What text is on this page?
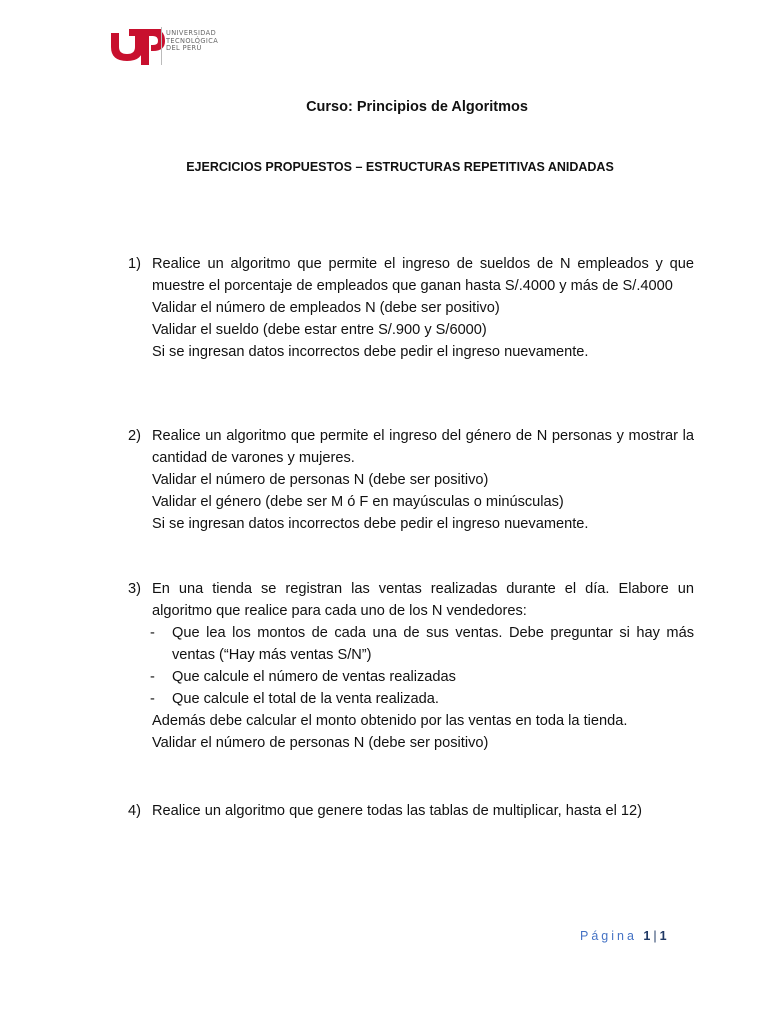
UNIVERSIDAD
TECNOLÓGICA
DEL PERÚ
Curso: Principios de Algoritmos
EJERCICIOS PROPUESTOS – ESTRUCTURAS REPETITIVAS ANIDADAS
1) Realice un algoritmo que permite el ingreso de sueldos de N empleados y que muestre el porcentaje de empleados que ganan hasta S/.4000 y más de S/.4000
Validar el número de empleados N (debe ser positivo)
Validar el sueldo (debe estar entre S/.900 y S/6000)
Si se ingresan datos incorrectos debe pedir el ingreso nuevamente.
2) Realice un algoritmo que permite el ingreso del género de N personas y mostrar la cantidad de varones y mujeres.
Validar el número de personas N (debe ser positivo)
Validar el género (debe ser M ó F en mayúsculas o minúsculas)
Si se ingresan datos incorrectos debe pedir el ingreso nuevamente.
3) En una tienda se registran las ventas realizadas durante el día. Elabore un algoritmo que realice para cada uno de los N vendedores:
-	Que lea los montos de cada una de sus ventas. Debe preguntar si hay más ventas (“Hay más ventas S/N”)
-	Que calcule el número de ventas realizadas
-	Que calcule el total de la venta realizada.
Además debe calcular el monto obtenido por las ventas en toda la tienda.
Validar el número de personas N (debe ser positivo)
4) Realice un algoritmo que genere todas las tablas de multiplicar, hasta el 12)
Página 1 | 1
